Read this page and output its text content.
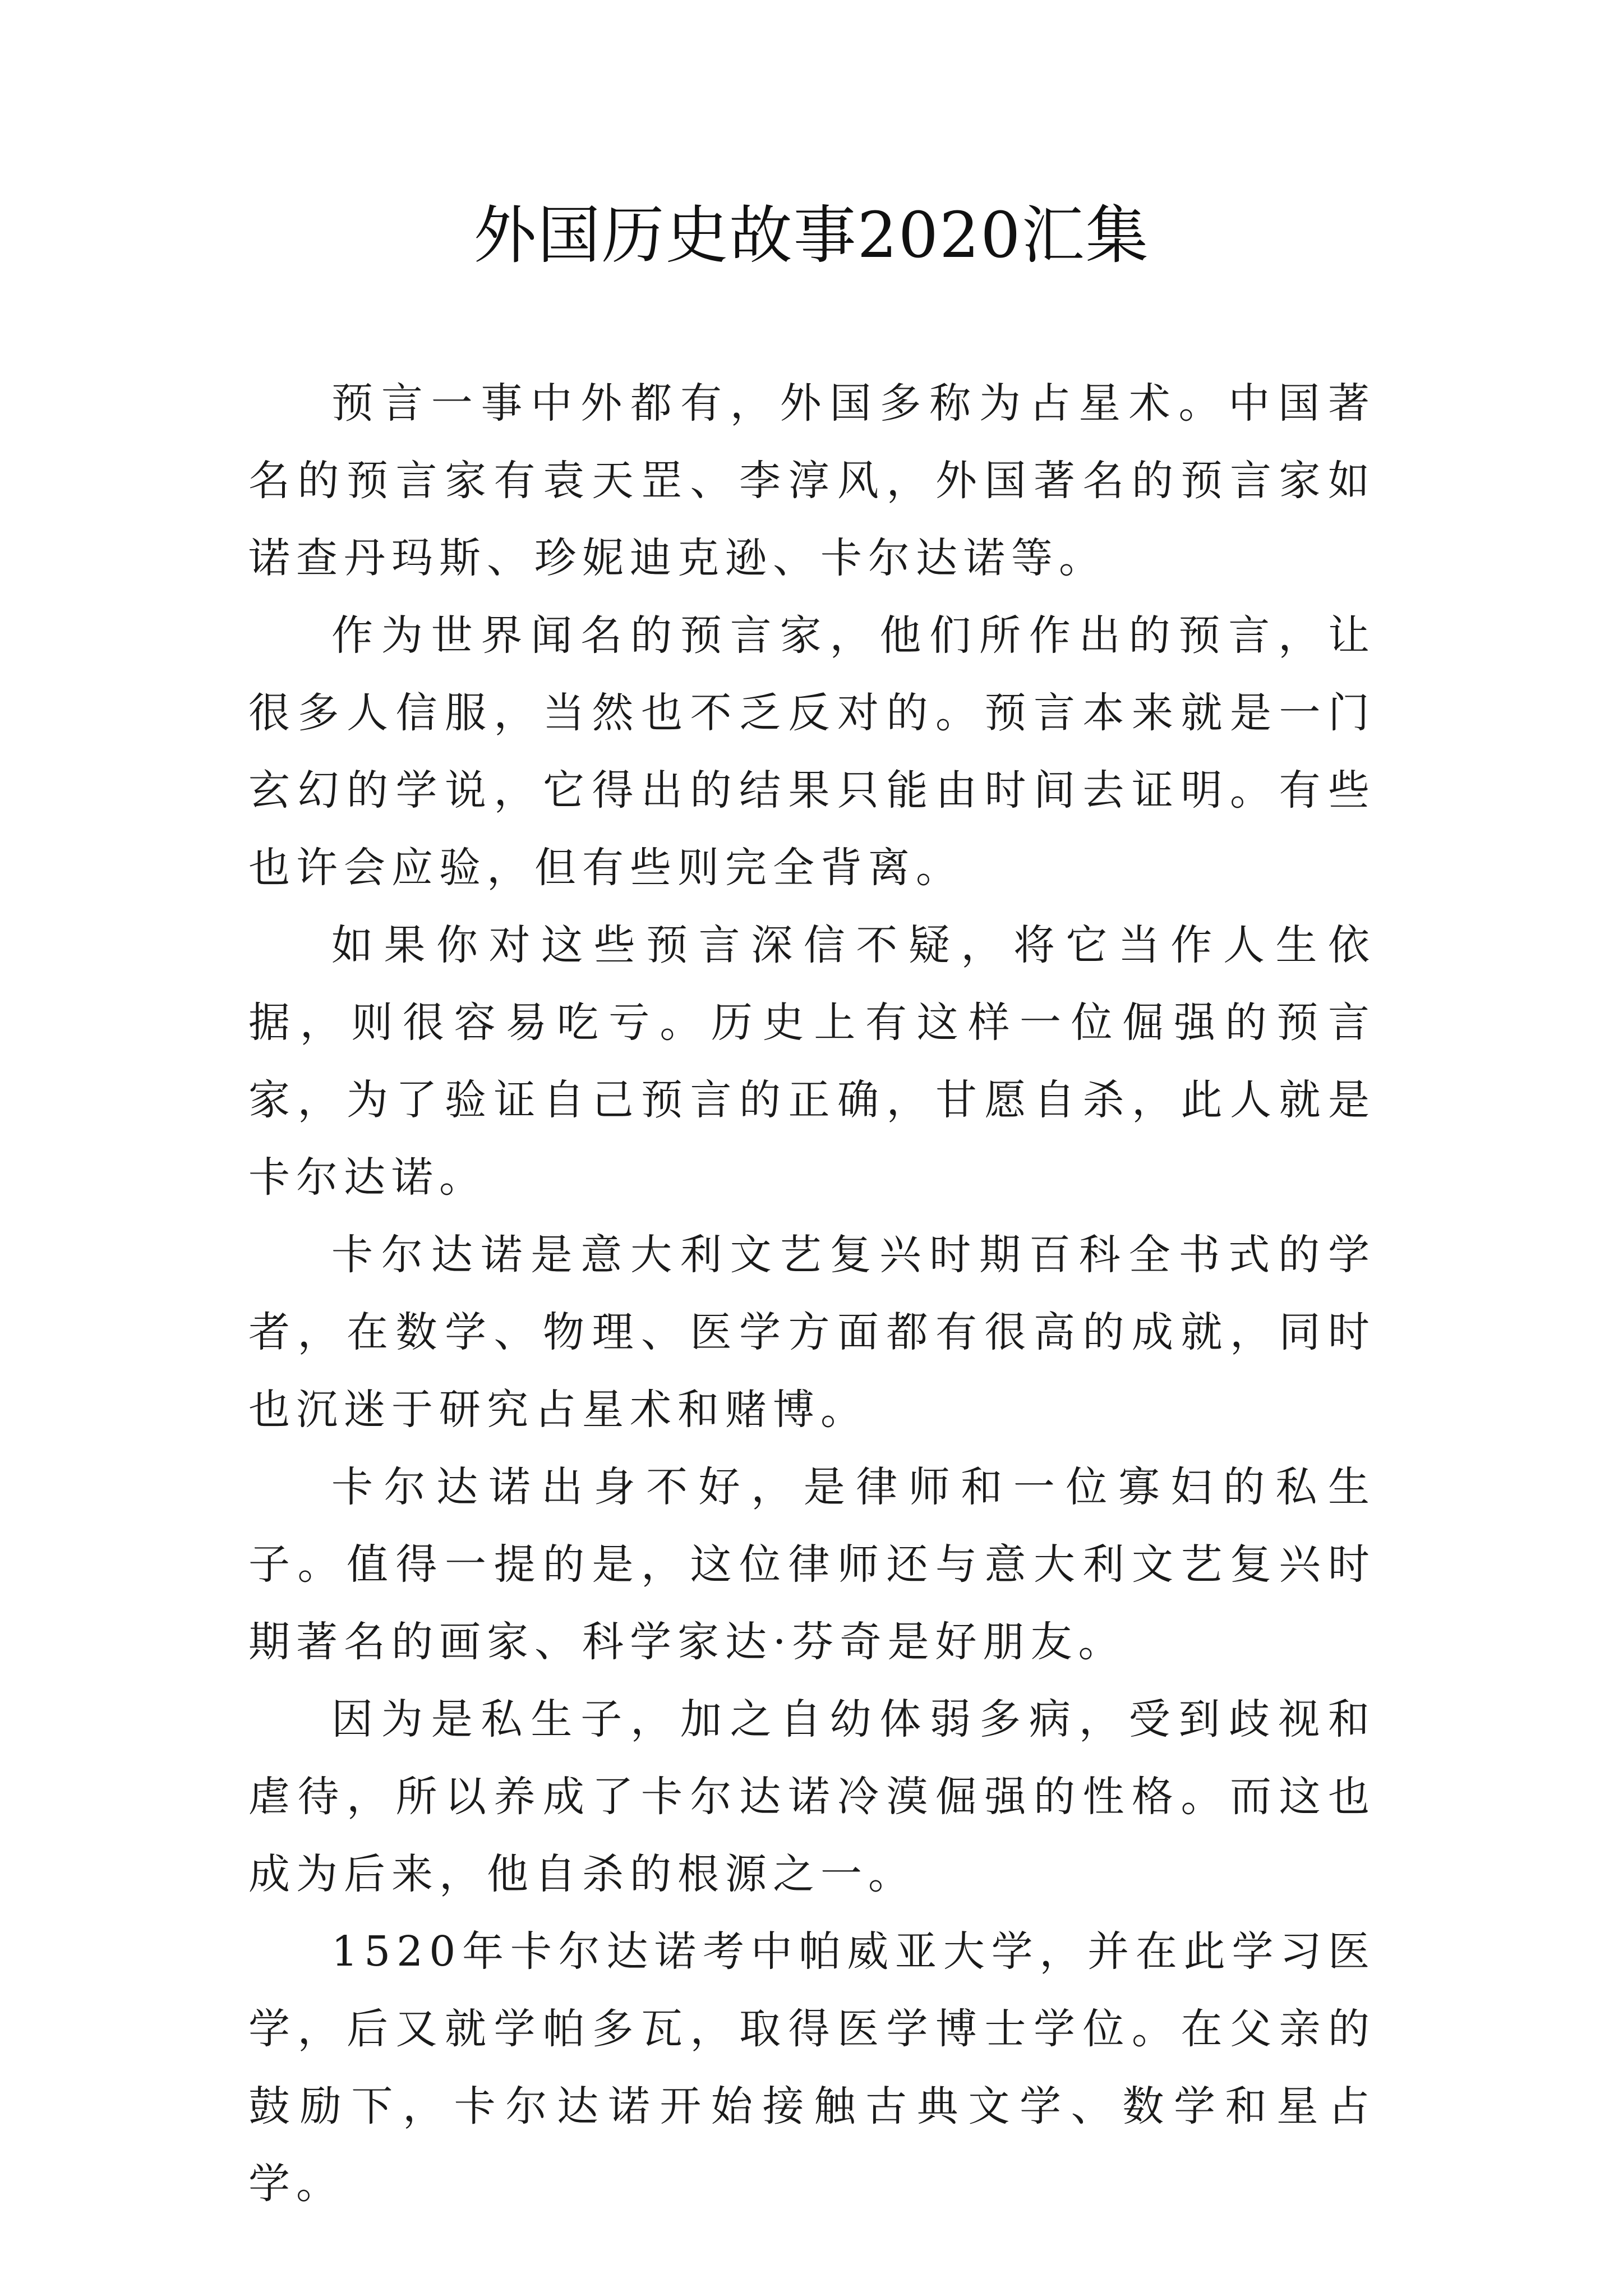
外国历史故事2020汇集

预言一事中外都有，外国多称为占星术。中国著名的预言家有袁天罡、李淳风，外国著名的预言家如诺查丹玛斯、珍妮迪克逊、卡尔达诺等。

作为世界闻名的预言家，他们所作出的预言，让很多人信服，当然也不乏反对的。预言本来就是一门玄幻的学说，它得出的结果只能由时间去证明。有些也许会应验，但有些则完全背离。

如果你对这些预言深信不疑，将它当作人生依据，则很容易吃亏。历史上有这样一位倔强的预言家，为了验证自己预言的正确，甘愿自杀，此人就是卡尔达诺。

卡尔达诺是意大利文艺复兴时期百科全书式的学者，在数学、物理、医学方面都有很高的成就，同时也沉迷于研究占星术和赌博。

卡尔达诺出身不好，是律师和一位寡妇的私生子。值得一提的是，这位律师还与意大利文艺复兴时期著名的画家、科学家达·芬奇是好朋友。

因为是私生子，加之自幼体弱多病，受到歧视和虐待，所以养成了卡尔达诺冷漠倔强的性格。而这也成为后来，他自杀的根源之一。

1520年卡尔达诺考中帕威亚大学，并在此学习医学，后又就学帕多瓦，取得医学博士学位。在父亲的鼓励下，卡尔达诺开始接触古典文学、数学和星占学。
